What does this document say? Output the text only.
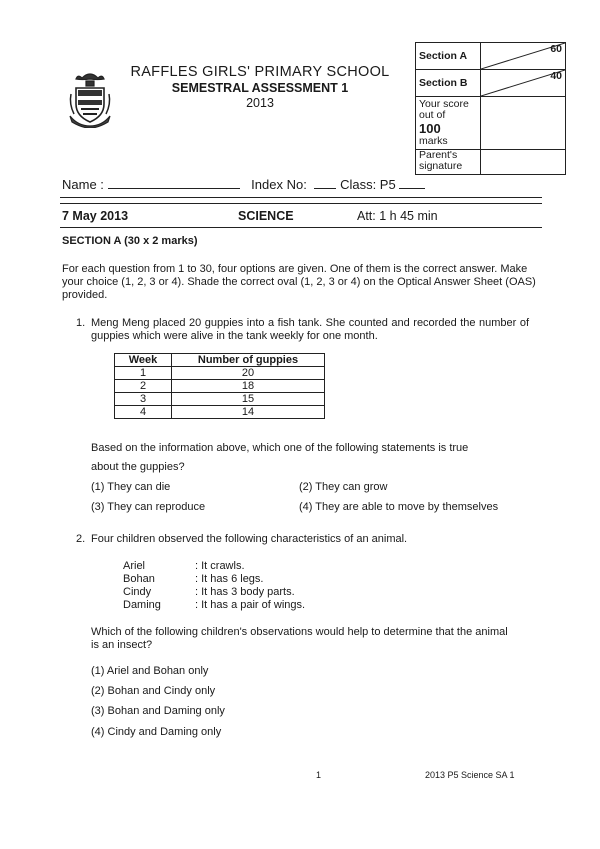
RAFFLES GIRLS' PRIMARY SCHOOL
SEMESTRAL ASSESSMENT 1
2013
Section A	60
Section B	40

Your score
out of
100
marks	

Parent's
signature	

Name :	Index No:	Class: P5
7 May 2013	SCIENCE	Att: 1 h 45 min
SECTION A (30 x 2 marks)
For each question from 1 to 30, four options are given. One of them is the correct answer. Make your choice (1, 2, 3 or 4). Shade the correct oval (1, 2, 3 or 4) on the Optical Answer Sheet (OAS) provided.
1. Meng Meng placed 20 guppies into a fish tank. She counted and recorded the number of guppies which were alive in the tank weekly for one month.
Week	Number of guppies
1	20
2	18
3	15
4	14
Based on the information above, which one of the following statements is true
about the guppies?
(1) They can die	(2) They can grow
(3) They can reproduce	(4) They are able to move by themselves
2. Four children observed the following characteristics of an animal.
Ariel	: It crawls.
Bohan	: It has 6 legs.
Cindy	: It has 3 body parts.
Daming	: It has a pair of wings.
Which of the following children's observations would help to determine that the animal is an insect?
(1) Ariel and Bohan only
(2) Bohan and Cindy only
(3) Bohan and Daming only
(4) Cindy and Daming only
1	2013 P5 Science SA 1
